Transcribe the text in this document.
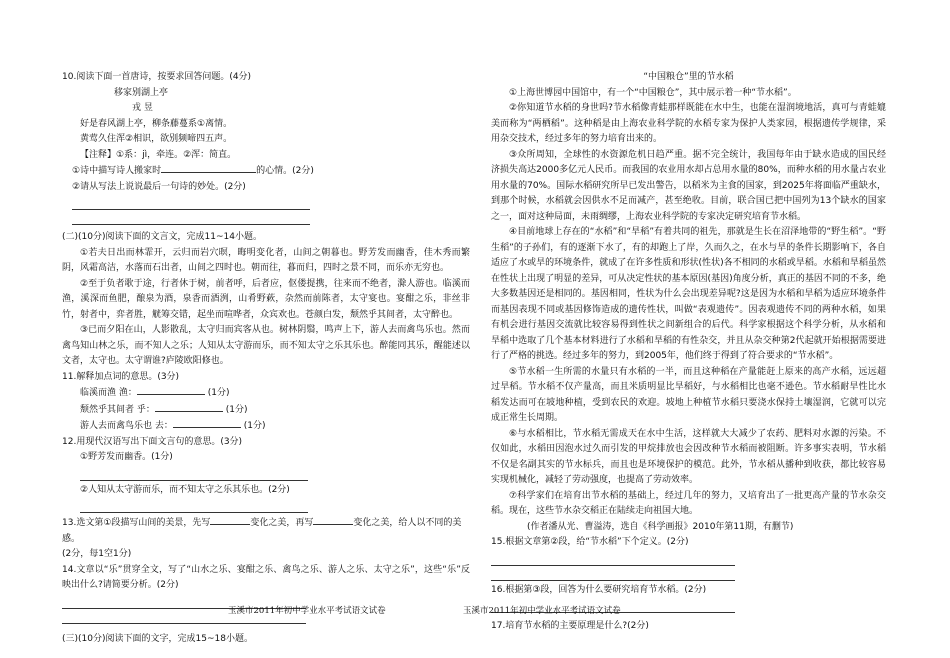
10.阅读下面一首唐诗，按要求回答问题。(4分)

移家别湖上亭

戎 昱

好是春风湖上亭，柳条藤蔓系①离情。

黄莺久住浑②相识，欲别频啼四五声。

【注释】①系：jì，牵连。②浑：简直。

①诗中描写诗人搬家时	的心情。(2分)

②请从写法上说说最后一句诗的妙处。(2分)

(二)(10分)阅读下面的文言文，完成11~14小题。

①若夫日出而林霏开，云归而岩穴暝，晦明变化者，山间之朝暮也。野芳发而幽香，佳木秀而繁阴，风霜高洁，水落而石出者，山间之四时也。朝而往，暮而归，四时之景不同，而乐亦无穷也。

②至于负者歌于途，行者休于树，前者呼，后者应，伛偻提携，往来而不绝者，滁人游也。临溪而渔，溪深而鱼肥，酿泉为酒，泉香而酒洌，山肴野蔌，杂然而前陈者，太守宴也。宴酣之乐，非丝非竹，射者中，弈者胜，觥筹交错，起坐而喧哗者，众宾欢也。苍颜白发，颓然乎其间者，太守醉也。

③已而夕阳在山，人影散乱，太守归而宾客从也。树林阴翳，鸣声上下，游人去而禽鸟乐也。然而禽鸟知山林之乐，而不知人之乐；人知从太守游而乐，而不知太守之乐其乐也。醉能同其乐，醒能述以文者，太守也。太守谓谁?庐陵欧阳修也。

11.解释加点词的意思。(3分)

临溪而渔 渔：	(1分)

颓然乎其间者 乎：	(1分)

游人去而禽鸟乐也 去：	(1分)

12.用现代汉语写出下面文言句的意思。(3分)

①野芳发而幽香。(1分)

②人知从太守游而乐，而不知太守之乐其乐也。(2分)

13.选文第①段描写山间的美景，先写	变化之美，再写	变化之美，给人以不同的美感。

(2分，每1空1分)

14.文章以“乐”贯穿全文，写了“山水之乐、宴酣之乐、禽鸟之乐、游人之乐、太守之乐”，这些“乐”反映出什么?请简要分析。(2分)

(三)(10分)阅读下面的文字，完成15~18小题。

“中国粮仓”里的节水稻

①上海世博园中国馆中，有一个“中国粮仓”，其中展示着一种“节水稻”。

②你知道节水稻的身世吗?节水稻像青蛙那样既能在水中生，也能在湿润境地活，真可与青蛙媲美而称为“两栖稻”。这种稻是由上海农业科学院的水稻专家为保护人类家园，根据遗传学规律，采用杂交技术，经过多年的努力培育出来的。

③众所周知，全球性的水资源危机日趋严重。据不完全统计，我国每年由于缺水造成的国民经济损失高达2000多亿元人民币。而我国的农业用水却占总用水量的80%，而种水稻的用水量占农业用水量的70%。国际水稻研究所早已发出警告，以稻米为主食的国家，到2025年将面临严重缺水，到那个时候，水稻就会因供水不足而减产，甚至绝收。目前，联合国已把中国列为13个缺水的国家之一，面对这种局面，未雨绸缪，上海农业科学院的专家决定研究培育节水稻。

④目前地球上存在的“水稻”和“旱稻”有着共同的祖先，那就是生长在沼泽地带的“野生稻”。“野生稻”的子孙们，有的逐渐下水了，有的却跑上了岸，久而久之，在水与旱的条件长期影响下，各自适应了水或旱的环境条件，就成了在许多性质和形状(性状)各不相同的水稻或旱稻。水稻和旱稻虽然在性状上出现了明显的差异，可从决定性状的基本原因(基因)角度分析，真正的基因不同的不多，绝大多数基因还是相同的。基因相同，性状为什么会出现差异呢?这是因为水稻和旱稻为适应环境条件而基因表现不同或基因修饰造成的遗传性状，叫做“表观遗传”。因表观遗传不同的两种水稻，如果有机会进行基因交流就比较容易得到性状之间新组合的后代。科学家根据这个科学分析，从水稻和旱稻中选取了几个基本材料进行了水稻和旱稻的有性杂交，并且从杂交种第2代起就开始根据需要进行了严格的挑选。经过多年的努力，到2005年，他们终于得到了符合要求的“节水稻”。

⑤节水稻一生所需的水量只有水稻的一半，而且这种稻在产量能赶上原来的高产水稻，远远超过旱稻。节水稻不仅产量高，而且米质明显比旱稻好，与水稻相比也毫不逊色。节水稻耐旱性比水稻发达而可在坡地种植，受到农民的欢迎。坡地上种植节水稻只要浇水保持土壤湿润，它就可以完成正常生长周期。

⑥与水稻相比，节水稻无需成天在水中生活，这样就大大减少了农药、肥料对水源的污染。不仅如此，水稻田因泡水过久而引发的甲烷排放也会因改种节水稻而被阻断。许多事实表明，节水稻不仅是名副其实的节水标兵，而且也是环境保护的模范。此外，节水稻从播种到收获，都比较容易实现机械化，减轻了劳动强度，也提高了劳动效率。

⑦科学家们在培育出节水稻的基础上，经过几年的努力，又培育出了一批更高产量的节水杂交稻。现在，这些节水杂交稻正在陆续走向祖国大地。

(作者潘从光、曹溢涛，选自《科学画报》2010年第11期，有删节)

15.根据文章第②段，给“节水稻”下个定义。(2分)

16.根据第③段，回答为什么要研究培育节水稻。(2分)

17.培育节水稻的主要原理是什么?(2分)

玉溪市2011年初中学业水平考试语文试卷	玉溪市2011年初中学业水平考试语文试卷
